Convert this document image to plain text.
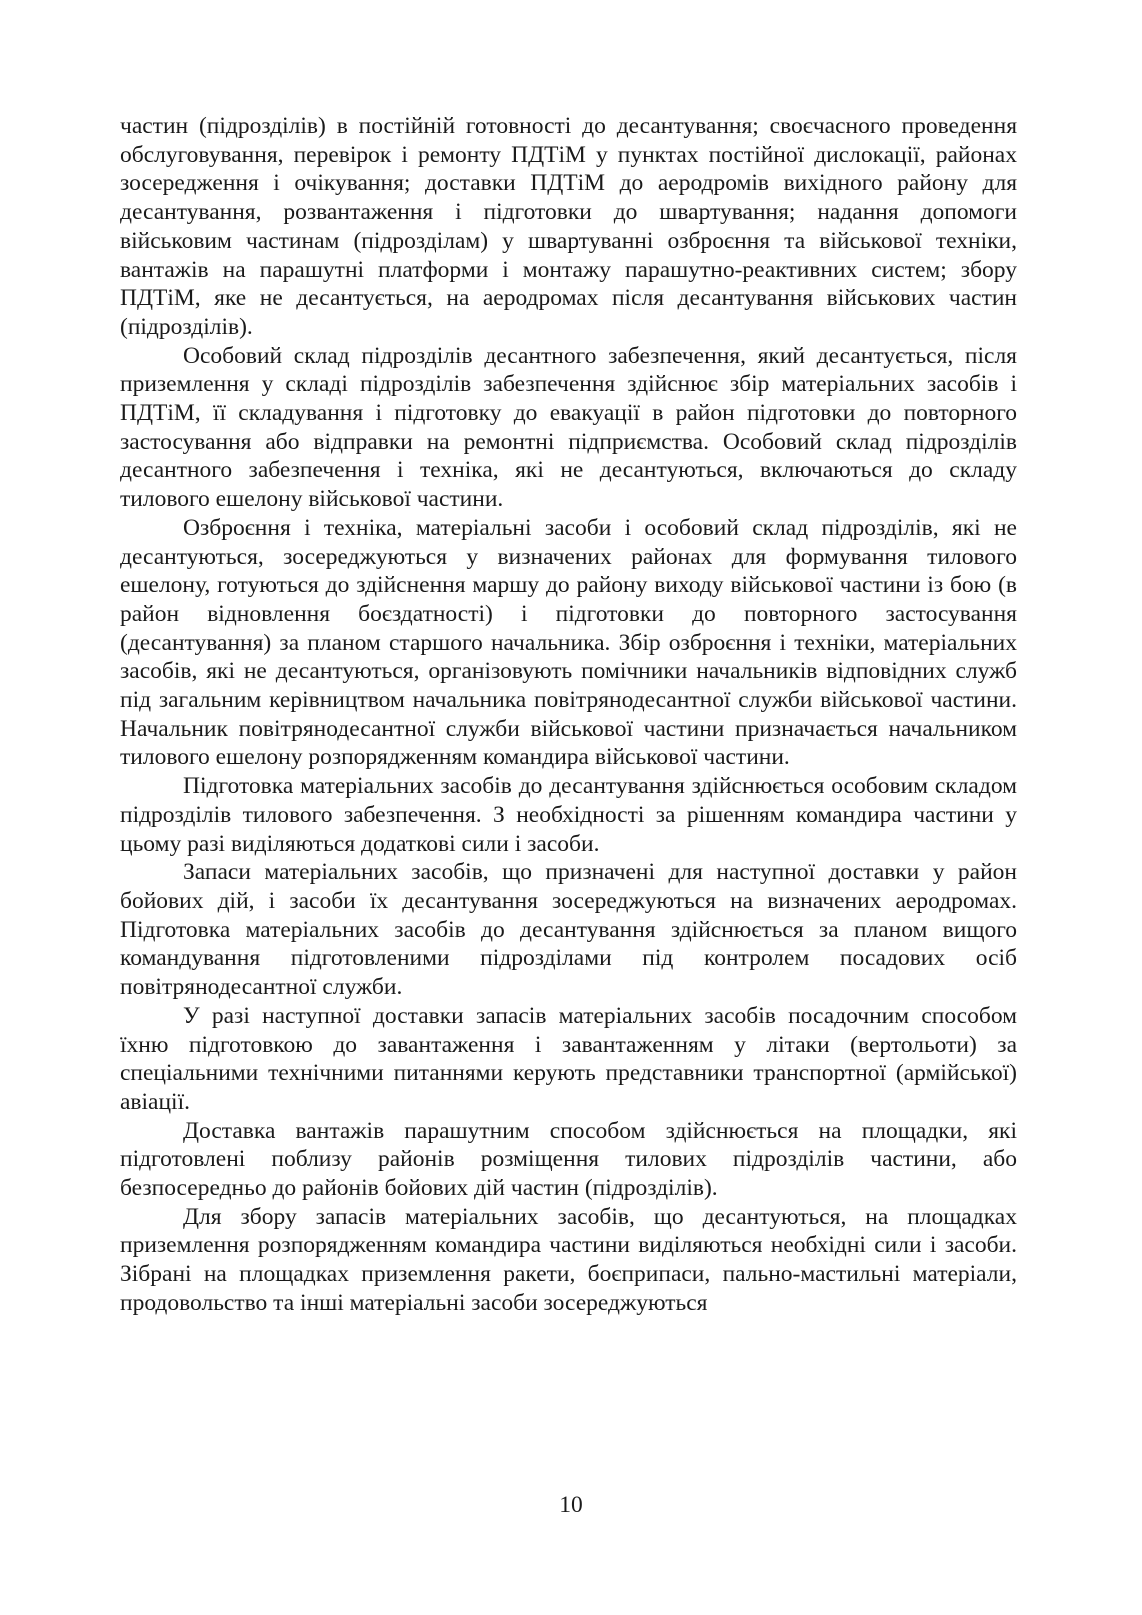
частин (підрозділів) в постійній готовності до десантування; своєчасного проведення обслуговування, перевірок і ремонту ПДТіМ у пунктах постійної дислокації, районах зосередження і очікування; доставки ПДТіМ до аеродромів вихідного району для десантування, розвантаження і підготовки до швартування; надання допомоги військовим частинам (підрозділам) у швартуванні озброєння та військової техніки, вантажів на парашутні платформи і монтажу парашутно-реактивних систем; збору ПДТіМ, яке не десантується, на аеродромах після десантування військових частин (підрозділів).

Особовий склад підрозділів десантного забезпечення, який десантується, після приземлення у складі підрозділів забезпечення здійснює збір матеріальних засобів і ПДТіМ, її складування і підготовку до евакуації в район підготовки до повторного застосування або відправки на ремонтні підприємства. Особовий склад підрозділів десантного забезпечення і техніка, які не десантуються, включаються до складу тилового ешелону військової частини.

Озброєння і техніка, матеріальні засоби і особовий склад підрозділів, які не десантуються, зосереджуються у визначених районах для формування тилового ешелону, готуються до здійснення маршу до району виходу військової частини із бою (в район відновлення боєздатності) і підготовки до повторного застосування (десантування) за планом старшого начальника. Збір озброєння і техніки, матеріальних засобів, які не десантуються, організовують помічники начальників відповідних служб під загальним керівництвом начальника повітрянодесантної служби військової частини. Начальник повітрянодесантної служби військової частини призначається начальником тилового ешелону розпорядженням командира військової частини.

Підготовка матеріальних засобів до десантування здійснюється особовим складом підрозділів тилового забезпечення. З необхідності за рішенням командира частини у цьому разі виділяються додаткові сили і засоби.

Запаси матеріальних засобів, що призначені для наступної доставки у район бойових дій, і засоби їх десантування зосереджуються на визначених аеродромах. Підготовка матеріальних засобів до десантування здійснюється за планом вищого командування підготовленими підрозділами під контролем посадових осіб повітрянодесантної служби.

У разі наступної доставки запасів матеріальних засобів посадочним способом їхню підготовкою до завантаження і завантаженням у літаки (вертольоти) за спеціальними технічними питаннями керують представники транспортної (армійської) авіації.

Доставка вантажів парашутним способом здійснюється на площадки, які підготовлені поблизу районів розміщення тилових підрозділів частини, або безпосередньо до районів бойових дій частин (підрозділів).

Для збору запасів матеріальних засобів, що десантуються, на площадках приземлення розпорядженням командира частини виділяються необхідні сили і засоби. Зібрані на площадках приземлення ракети, боєприпаси, пально-мастильні матеріали, продовольство та інші матеріальні засоби зосереджуються

10
